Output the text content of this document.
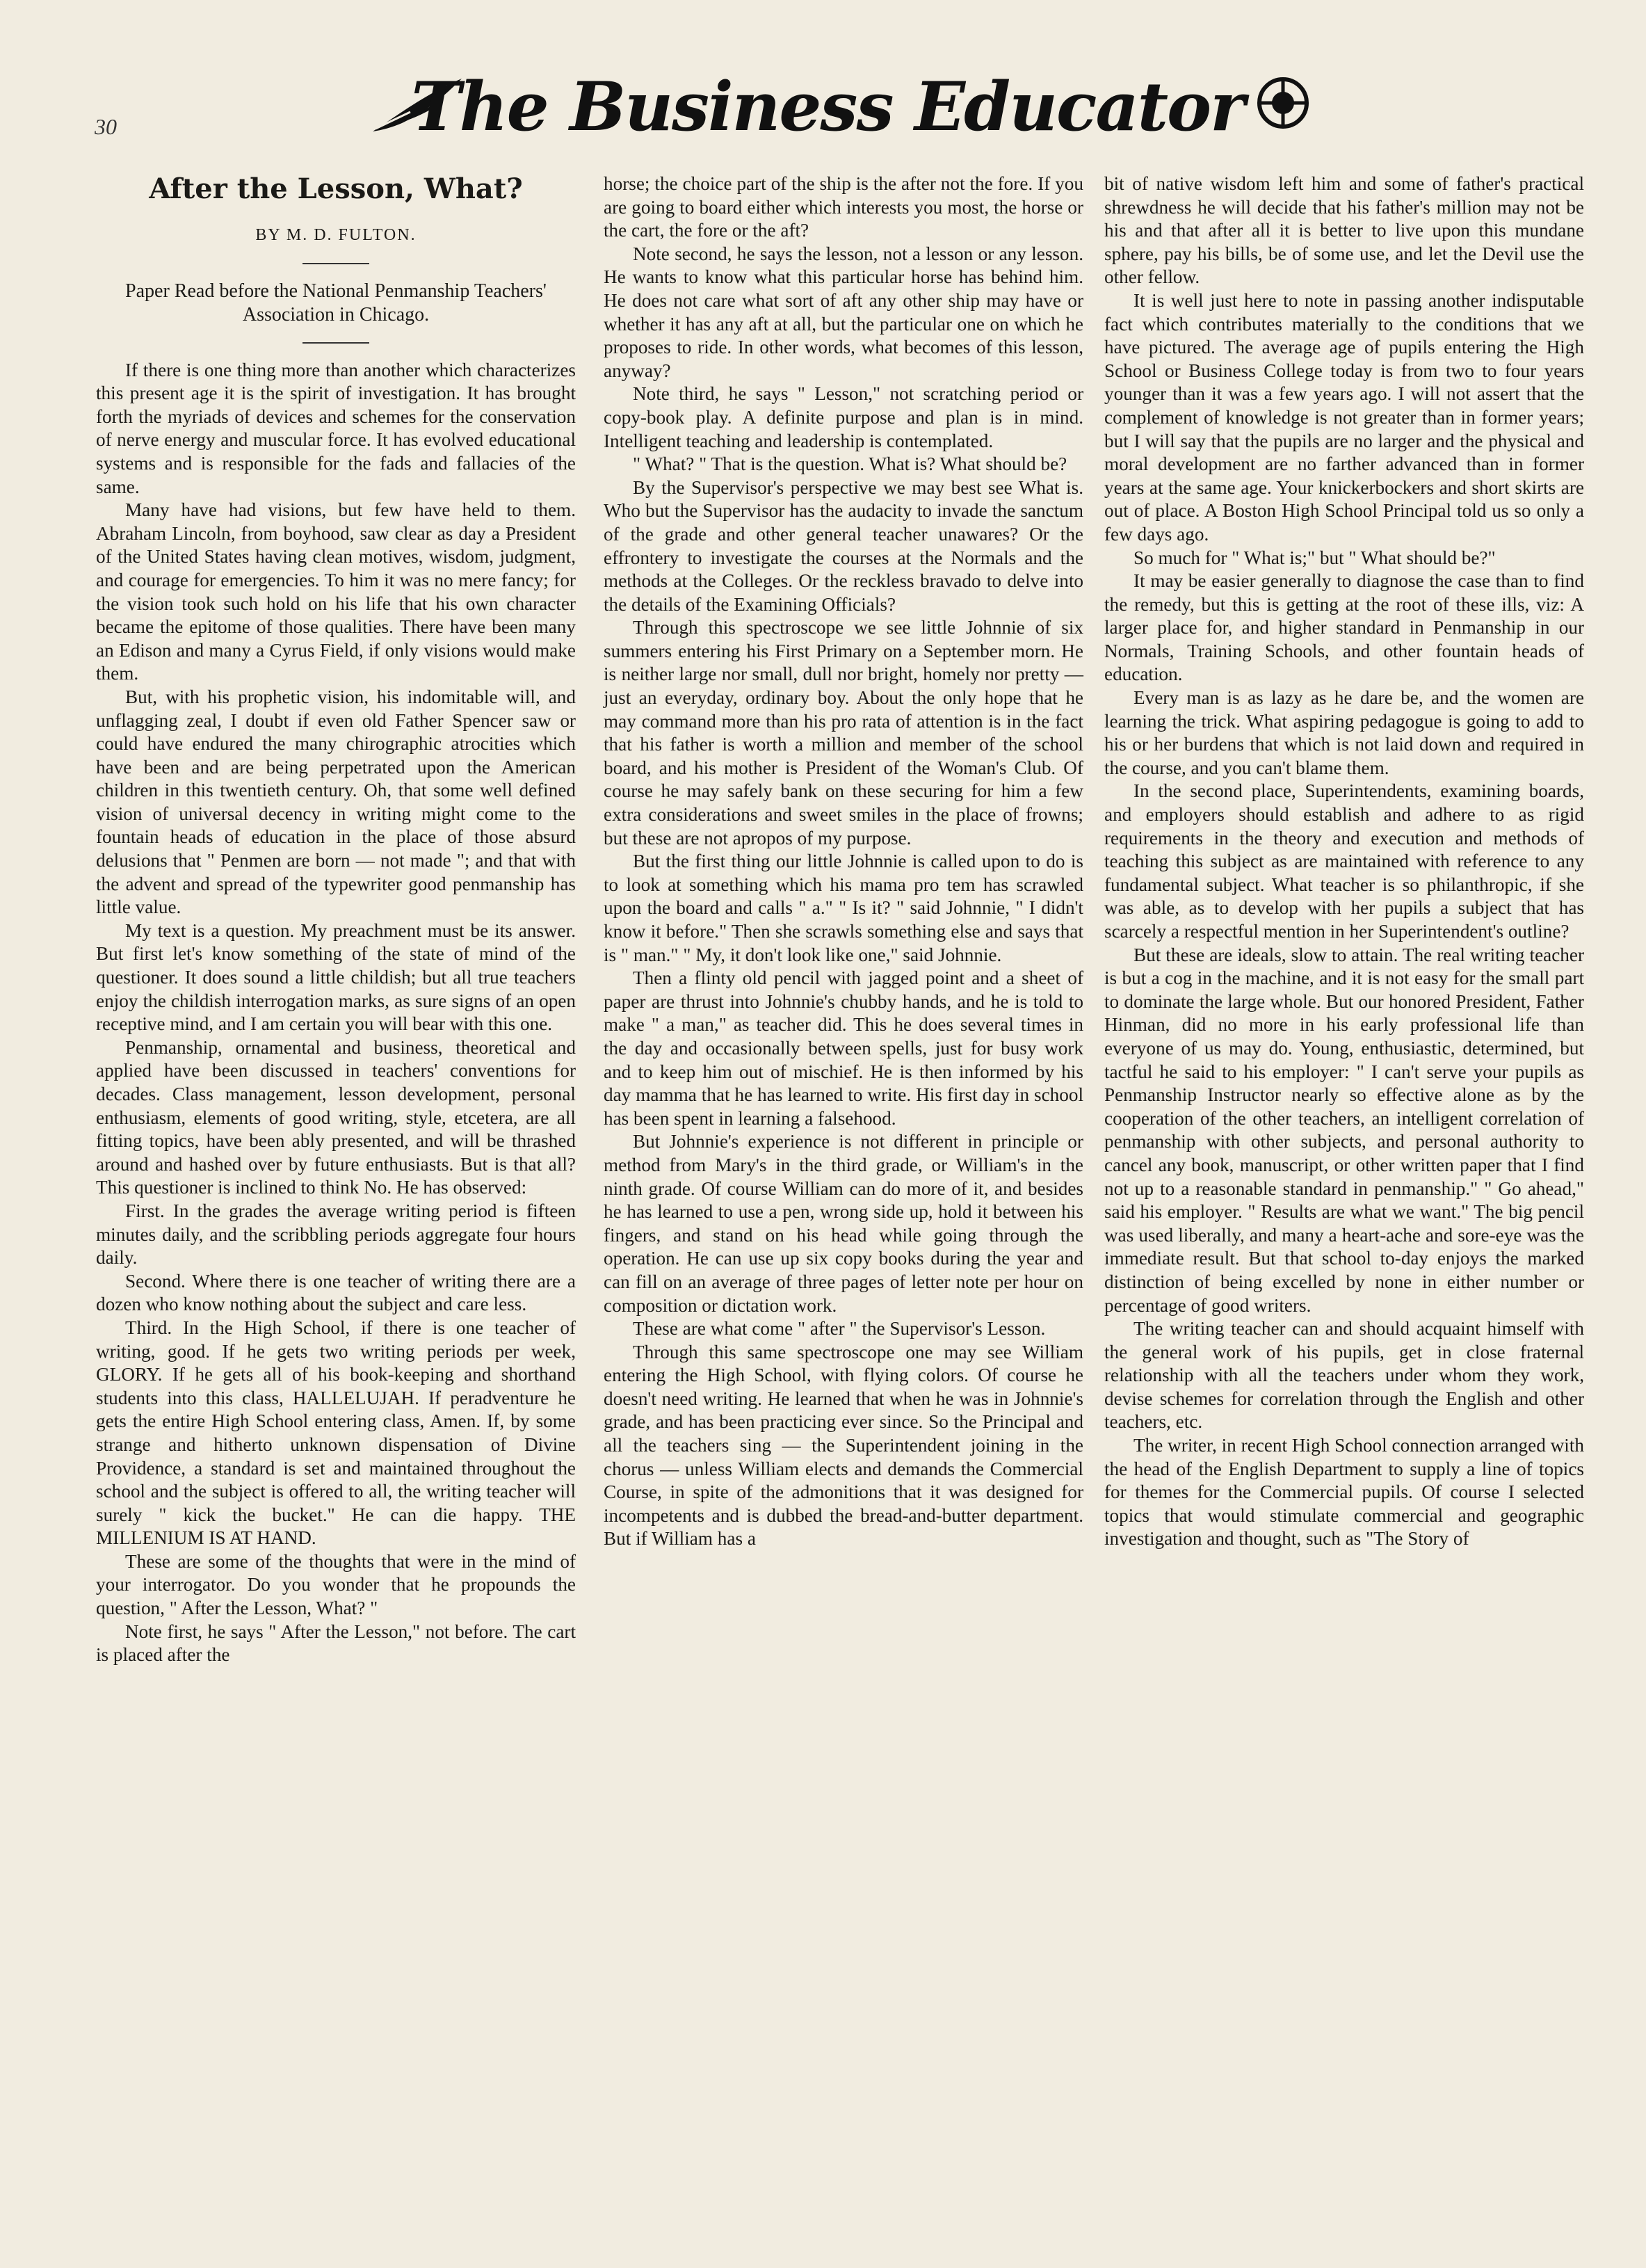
30	The Business Educator
After the Lesson, What?
BY M. D. FULTON.
Paper Read before the National Penmanship Teachers' Association in Chicago.

If there is one thing more than another which characterizes this present age it is the spirit of investigation. It has brought forth the myriads of devices and schemes for the conservation of nerve energy and muscular force. It has evolved educational systems and is responsible for the fads and fallacies of the same.

Many have had visions, but few have held to them. Abraham Lincoln, from boyhood, saw clear as day a President of the United States having clean motives, wisdom, judgment, and courage for emergencies. To him it was no mere fancy; for the vision took such hold on his life that his own character became the epitome of those qualities. There have been many an Edison and many a Cyrus Field, if only visions would make them.

But, with his prophetic vision, his indomitable will, and unflagging zeal, I doubt if even old Father Spencer saw or could have endured the many chirographic atrocities which have been and are being perpetrated upon the American children in this twentieth century. Oh, that some well defined vision of universal decency in writing might come to the fountain heads of education in the place of those absurd delusions that " Penmen are born — not made "; and that with the advent and spread of the typewriter good penmanship has little value.

My text is a question. My preachment must be its answer. But first let's know something of the state of mind of the questioner. It does sound a little childish; but all true teachers enjoy the childish interrogation marks, as sure signs of an open receptive mind, and I am certain you will bear with this one.

Penmanship, ornamental and business, theoretical and applied have been discussed in teachers' conventions for decades. Class management, lesson development, personal enthusiasm, elements of good writing, style, etcetera, are all fitting topics, have been ably presented, and will be thrashed around and hashed over by future enthusiasts. But is that all? This questioner is inclined to think No. He has observed:

First. In the grades the average writing period is fifteen minutes daily, and the scribbling periods aggregate four hours daily.

Second. Where there is one teacher of writing there are a dozen who know nothing about the subject and care less.

Third. In the High School, if there is one teacher of writing, good. If he gets two writing periods per week, GLORY. If he gets all of his book-keeping and shorthand students into this class, HALLELUJAH. If peradventure he gets the entire High School entering class, Amen. If, by some strange and hitherto unknown dispensation of Divine Providence, a standard is set and maintained throughout the school and the subject is offered to all, the writing teacher will surely " kick the bucket." He can die happy. THE MILLENIUM IS AT HAND.

These are some of the thoughts that were in the mind of your interrogator. Do you wonder that he propounds the question, " After the Lesson, What? "

Note first, he says " After the Lesson," not before. The cart is placed after the

horse; the choice part of the ship is the after not the fore. If you are going to board either which interests you most, the horse or the cart, the fore or the aft?

Note second, he says the lesson, not a lesson or any lesson. He wants to know what this particular horse has behind him. He does not care what sort of aft any other ship may have or whether it has any aft at all, but the particular one on which he proposes to ride. In other words, what becomes of this lesson, anyway?

Note third, he says " Lesson," not scratching period or copy-book play. A definite purpose and plan is in mind. Intelligent teaching and leadership is contemplated.

" What? " That is the question. What is? What should be?

By the Supervisor's perspective we may best see What is. Who but the Supervisor has the audacity to invade the sanctum of the grade and other general teacher unawares? Or the effrontery to investigate the courses at the Normals and the methods at the Colleges. Or the reckless bravado to delve into the details of the Examining Officials?

Through this spectroscope we see little Johnnie of six summers entering his First Primary on a September morn. He is neither large nor small, dull nor bright, homely nor pretty — just an everyday, ordinary boy. About the only hope that he may command more than his pro rata of attention is in the fact that his father is worth a million and member of the school board, and his mother is President of the Woman's Club. Of course he may safely bank on these securing for him a few extra considerations and sweet smiles in the place of frowns; but these are not apropos of my purpose.

But the first thing our little Johnnie is called upon to do is to look at something which his mama pro tem has scrawled upon the board and calls " a." " Is it? " said Johnnie, " I didn't know it before." Then she scrawls something else and says that is " man." " My, it don't look like one," said Johnnie.

Then a flinty old pencil with jagged point and a sheet of paper are thrust into Johnnie's chubby hands, and he is told to make " a man," as teacher did. This he does several times in the day and occasionally between spells, just for busy work and to keep him out of mischief. He is then informed by his day mamma that he has learned to write. His first day in school has been spent in learning a falsehood.

But Johnnie's experience is not different in principle or method from Mary's in the third grade, or William's in the ninth grade. Of course William can do more of it, and besides he has learned to use a pen, wrong side up, hold it between his fingers, and stand on his head while going through the operation. He can use up six copy books during the year and can fill on an average of three pages of letter note per hour on composition or dictation work.

These are what come " after " the Supervisor's Lesson.

Through this same spectroscope one may see William entering the High School, with flying colors. Of course he doesn't need writing. He learned that when he was in Johnnie's grade, and has been practicing ever since. So the Principal and all the teachers sing — the Superintendent joining in the chorus — unless William elects and demands the Commercial Course, in spite of the admonitions that it was designed for incompetents and is dubbed the bread-and-butter department. But if William has a

bit of native wisdom left him and some of father's practical shrewdness he will decide that his father's million may not be his and that after all it is better to live upon this mundane sphere, pay his bills, be of some use, and let the Devil use the other fellow.

It is well just here to note in passing another indisputable fact which contributes materially to the conditions that we have pictured. The average age of pupils entering the High School or Business College today is from two to four years younger than it was a few years ago. I will not assert that the complement of knowledge is not greater than in former years; but I will say that the pupils are no larger and the physical and moral development are no farther advanced than in former years at the same age. Your knickerbockers and short skirts are out of place. A Boston High School Principal told us so only a few days ago.

So much for " What is;" but " What should be?"

It may be easier generally to diagnose the case than to find the remedy, but this is getting at the root of these ills, viz: A larger place for, and higher standard in Penmanship in our Normals, Training Schools, and other fountain heads of education.

Every man is as lazy as he dare be, and the women are learning the trick. What aspiring pedagogue is going to add to his or her burdens that which is not laid down and required in the course, and you can't blame them.

In the second place, Superintendents, examining boards, and employers should establish and adhere to as rigid requirements in the theory and execution and methods of teaching this subject as are maintained with reference to any fundamental subject. What teacher is so philanthropic, if she was able, as to develop with her pupils a subject that has scarcely a respectful mention in her Superintendent's outline?

But these are ideals, slow to attain. The real writing teacher is but a cog in the machine, and it is not easy for the small part to dominate the large whole. But our honored President, Father Hinman, did no more in his early professional life than everyone of us may do. Young, enthusiastic, determined, but tactful he said to his employer: " I can't serve your pupils as Penmanship Instructor nearly so effective alone as by the cooperation of the other teachers, an intelligent correlation of penmanship with other subjects, and personal authority to cancel any book, manuscript, or other written paper that I find not up to a reasonable standard in penmanship." " Go ahead," said his employer. " Results are what we want." The big pencil was used liberally, and many a heart-ache and sore-eye was the immediate result. But that school to-day enjoys the marked distinction of being excelled by none in either number or percentage of good writers.

The writing teacher can and should acquaint himself with the general work of his pupils, get in close fraternal relationship with all the teachers under whom they work, devise schemes for correlation through the English and other teachers, etc.

The writer, in recent High School connection arranged with the head of the English Department to supply a line of topics for themes for the Commercial pupils. Of course I selected topics that would stimulate commercial and geographic investigation and thought, such as "The Story of
